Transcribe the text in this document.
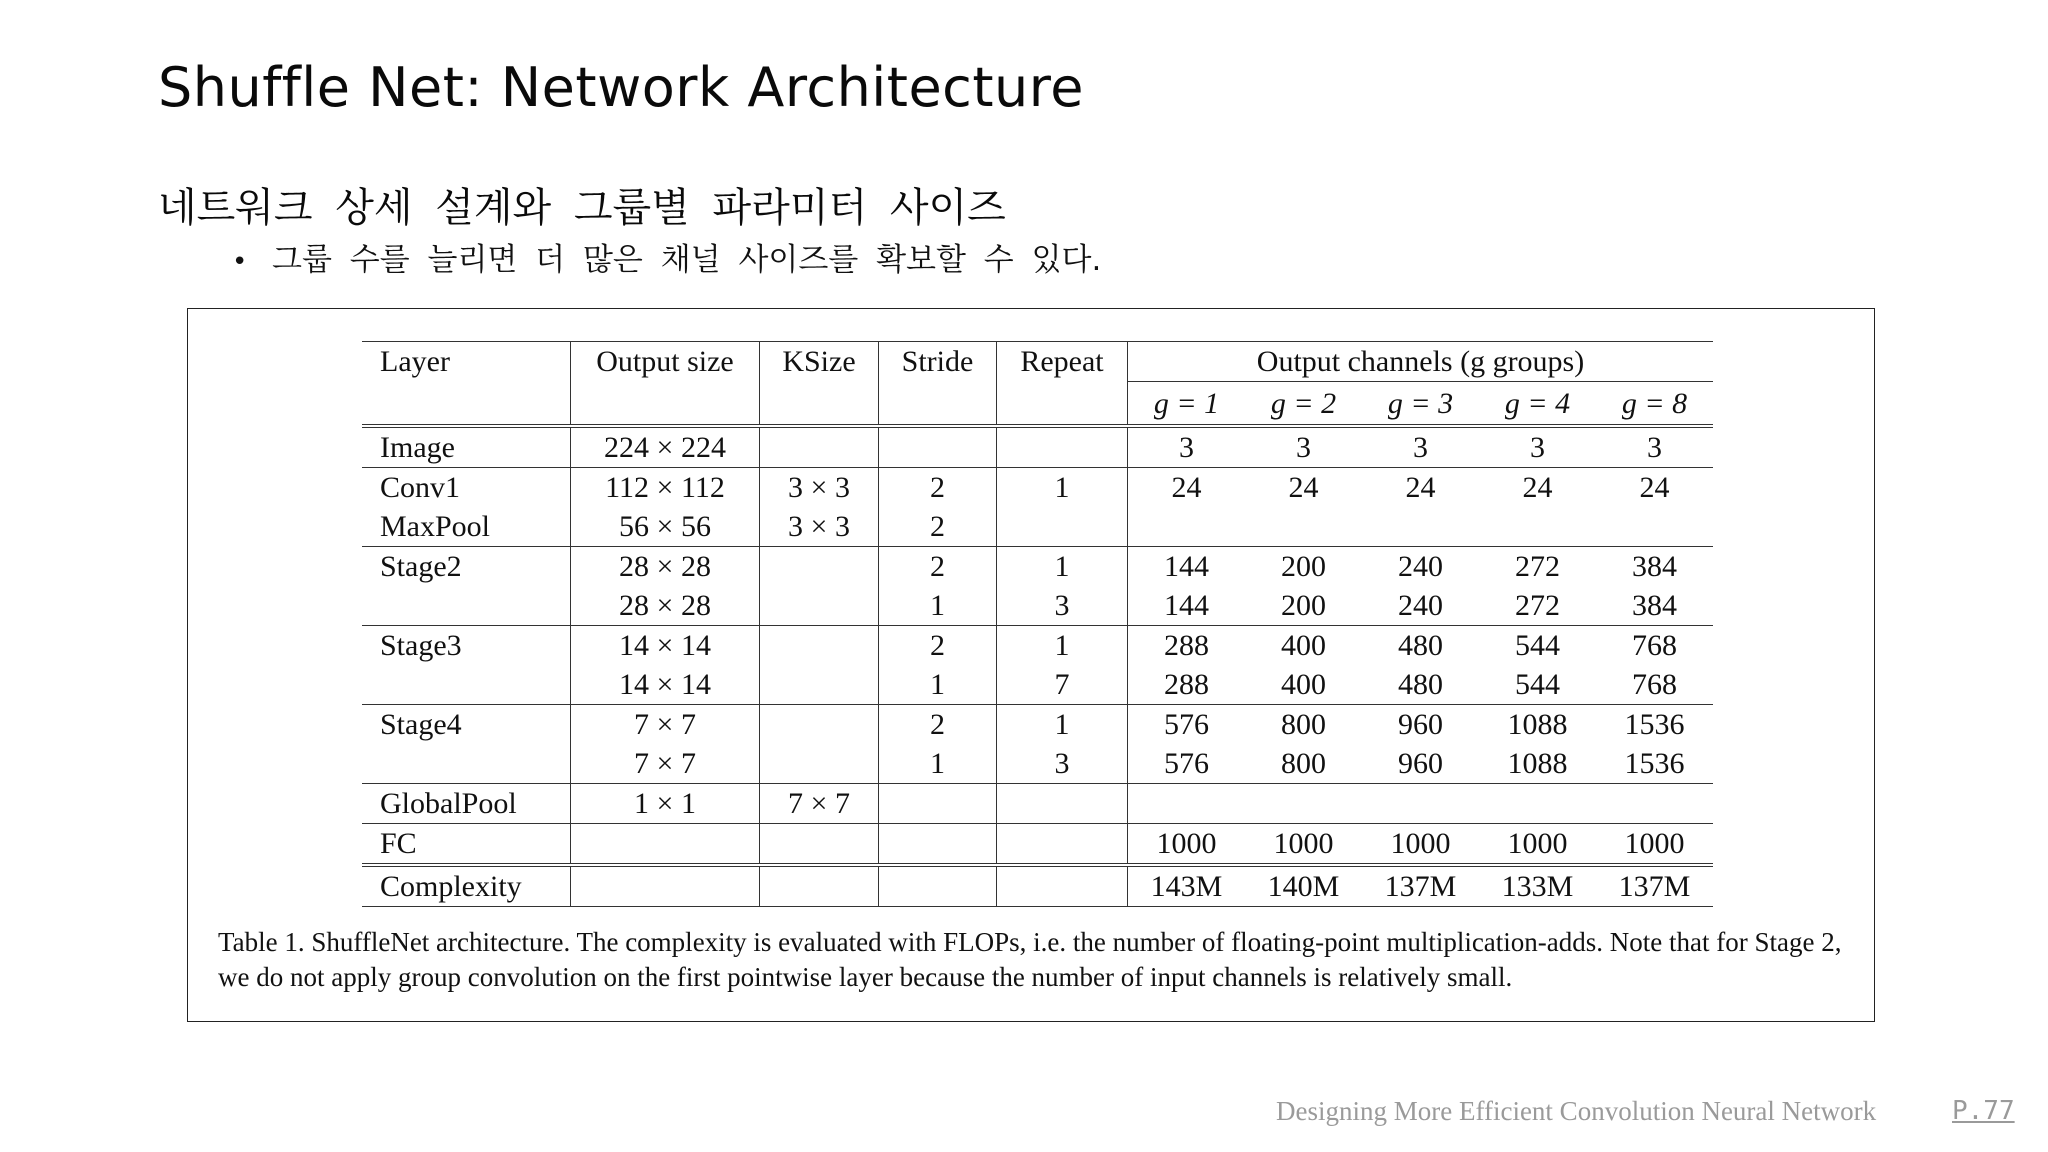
Shuffle Net: Network Architecture
네트워크 상세 설계와 그룹별 파라미터 사이즈
• 그룹 수를 늘리면 더 많은 채널 사이즈를 확보할 수 있다.
Layer	Output size	KSize	Stride	Repeat	Output channels (g groups)				
					g = 1	g = 2	g = 3	g = 4	g = 8
Image	224 × 224				3	3	3	3	3
Conv1	112 × 112	3 × 3	2	1	24	24	24	24	24
MaxPool	56 × 56	3 × 3	2						
Stage2	28 × 28		2	1	144	200	240	272	384
	28 × 28		1	3	144	200	240	272	384
Stage3	14 × 14		2	1	288	400	480	544	768
	14 × 14		1	7	288	400	480	544	768
Stage4	7 × 7		2	1	576	800	960	1088	1536
	7 × 7		1	3	576	800	960	1088	1536
GlobalPool	1 × 1	7 × 7							
FC					1000	1000	1000	1000	1000
Complexity					143M	140M	137M	133M	137M
Table 1. ShuffleNet architecture. The complexity is evaluated with FLOPs, i.e. the number of floating-point multiplication-adds. Note that for Stage 2, we do not apply group convolution on the first pointwise layer because the number of input channels is relatively small.
Designing More Efficient Convolution Neural Network	P.77
